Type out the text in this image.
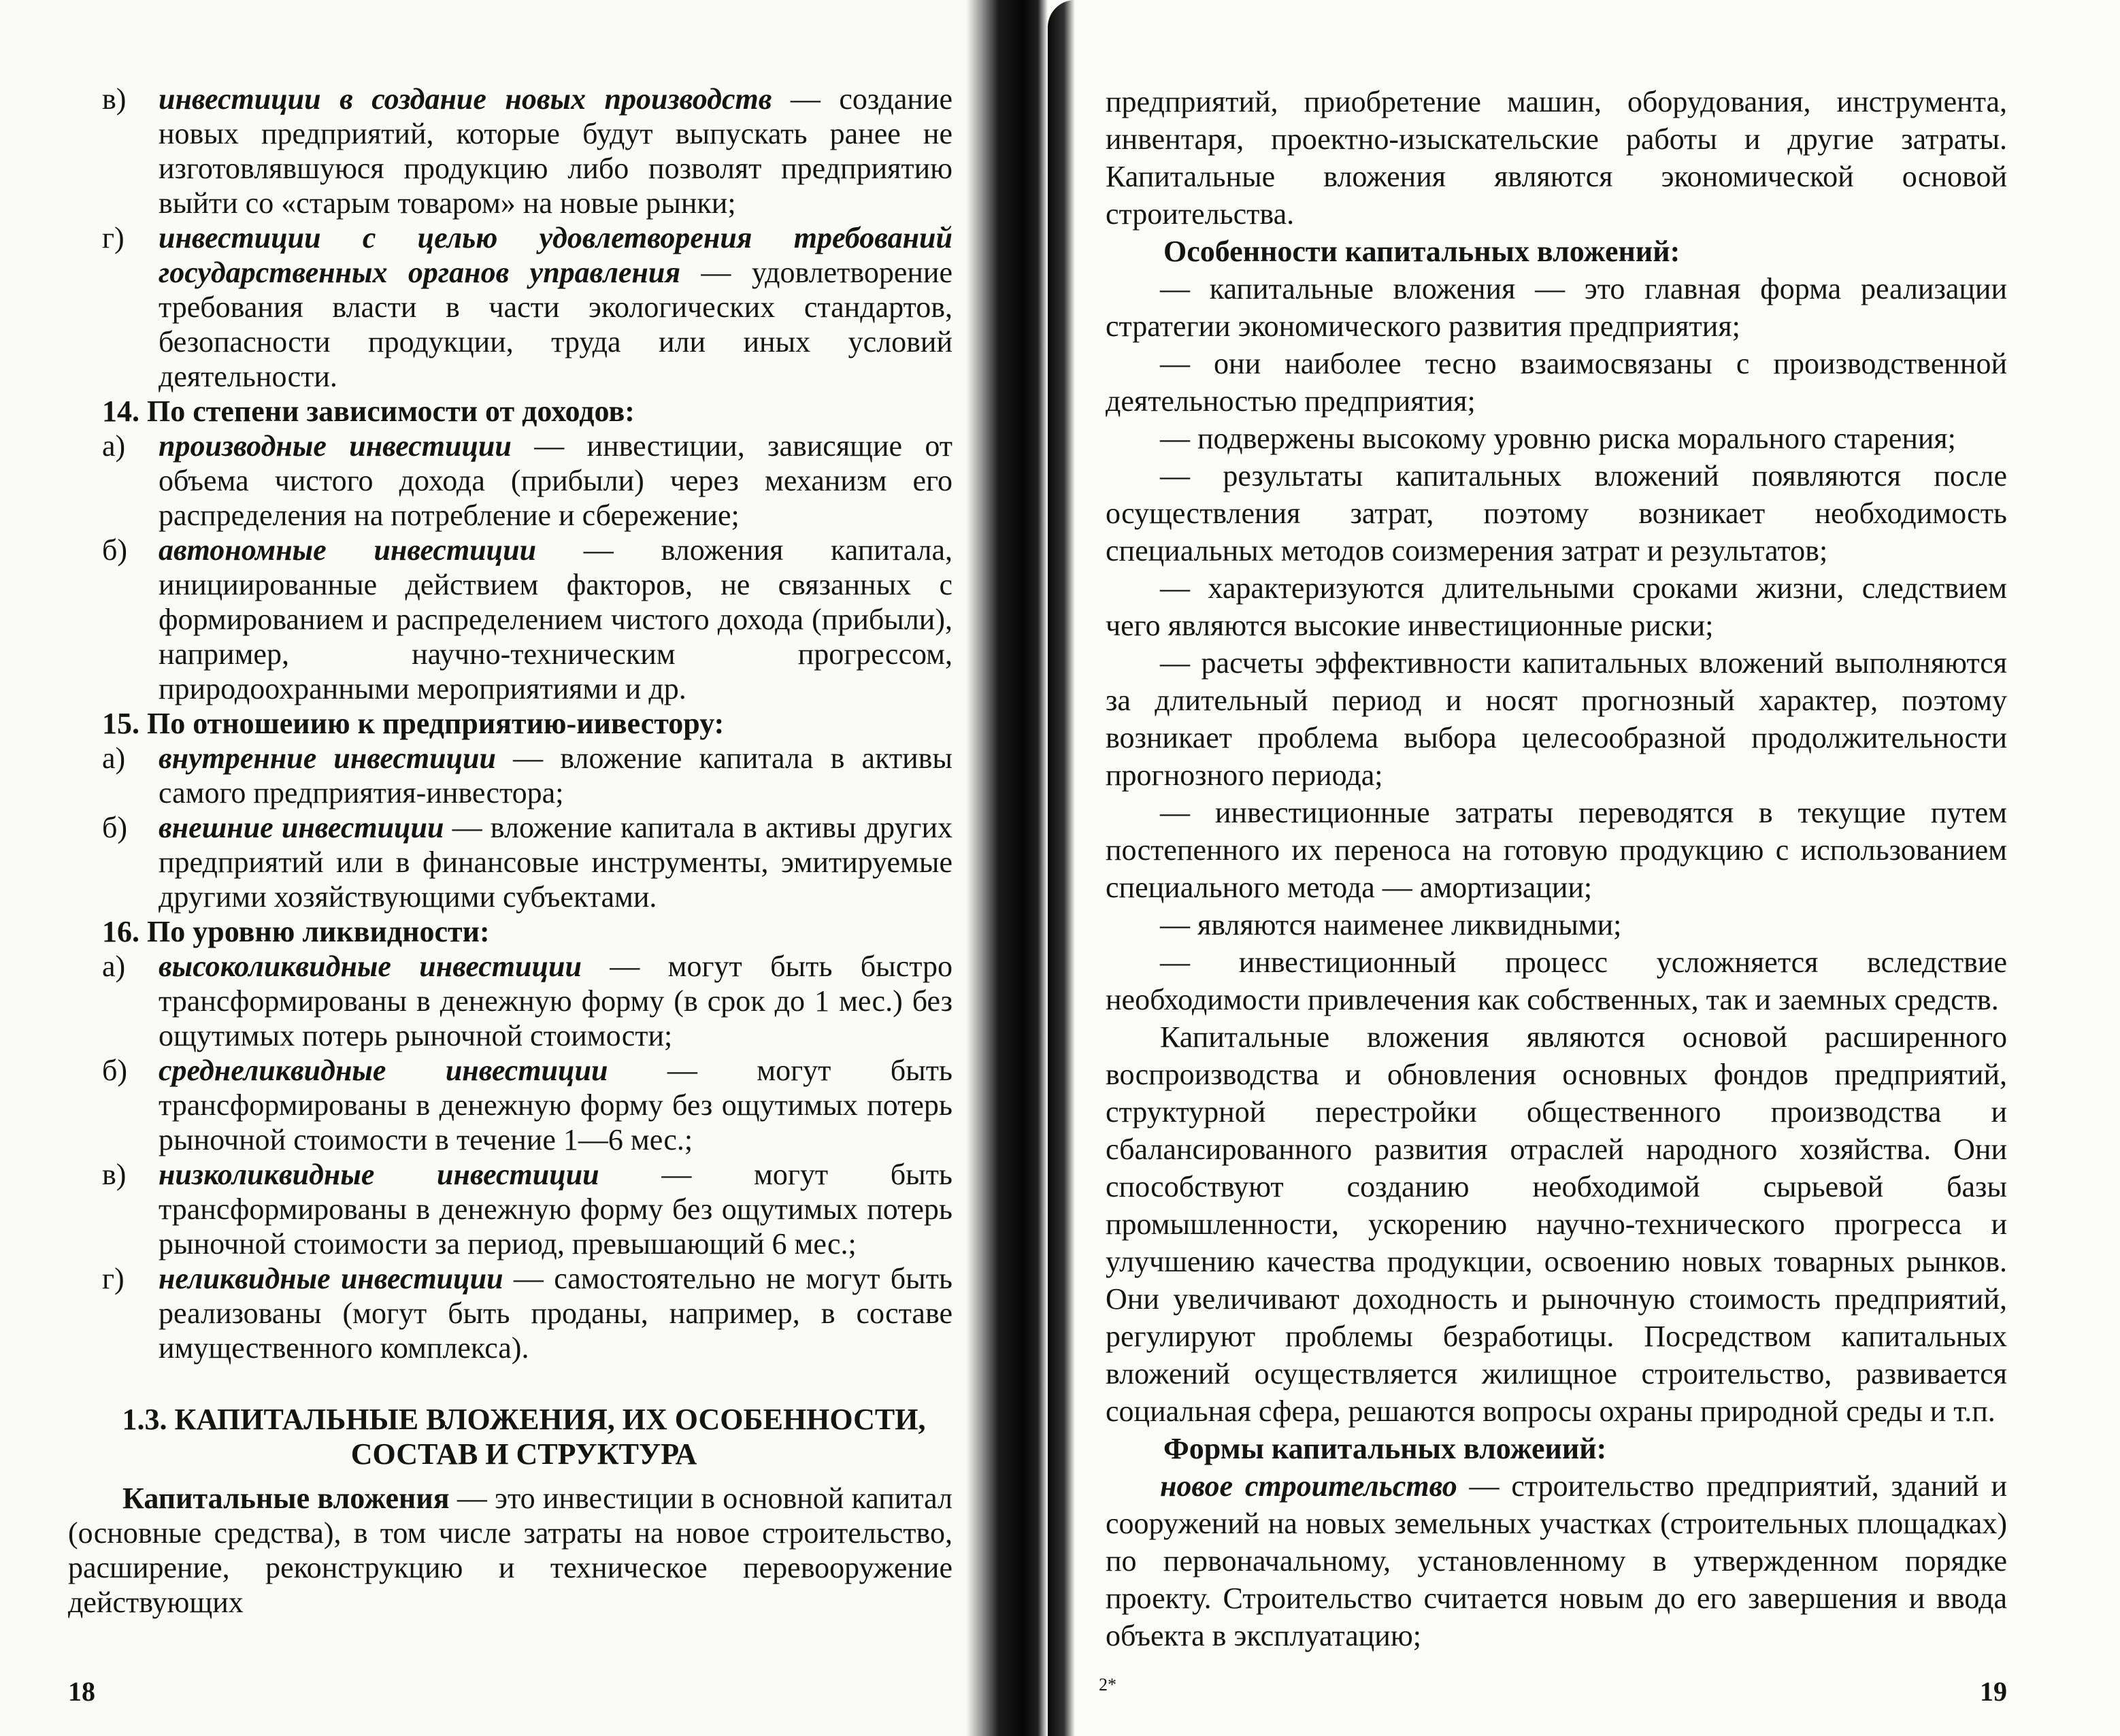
в) инвестиции в создание новых производств — создание новых предприятий, которые будут выпускать ранее не изготовлявшуюся продукцию либо позволят предприятию выйти со «старым товаром» на новые рынки;

г) инвестиции с целью удовлетворения требований государственных органов управления — удовлетворение требования власти в части экологических стандартов, безопасности продукции, труда или иных условий деятельности.

14. По степени зависимости от доходов:

а) производные инвестиции — инвестиции, зависящие от объема чистого дохода (прибыли) через механизм его распределения на потребление и сбережение;

б) автономные инвестиции — вложения капитала, инициированные действием факторов, не связанных с формированием и распределением чистого дохода (прибыли), например, научно-техническим прогрессом, природоохранными мероприятиями и др.

15. По отношеиию к предприятию-иивестору:

а) внутренние инвестиции — вложение капитала в активы самого предприятия-инвестора;

б) внешние инвестиции — вложение капитала в активы других предприятий или в финансовые инструменты, эмитируемые другими хозяйствующими субъектами.

16. По уровню ликвидности:

а) высоколиквидные инвестиции — могут быть быстро трансформированы в денежную форму (в срок до 1 мес.) без ощутимых потерь рыночной стоимости;

б) среднеликвидные инвестиции — могут быть трансформированы в денежную форму без ощутимых потерь рыночной стоимости в течение 1—6 мес.;

в) низколиквидные инвестиции — могут быть трансформированы в денежную форму без ощутимых потерь рыночной стоимости за период, превышающий 6 мес.;

г) неликвидные инвестиции — самостоятельно не могут быть реализованы (могут быть проданы, например, в составе имущественного комплекса).

1.3. КАПИТАЛЬНЫЕ ВЛОЖЕНИЯ, ИХ ОСОБЕННОСТИ,
СОСТАВ И СТРУКТУРА

Капитальные вложения — это инвестиции в основной капитал (основные средства), в том числе затраты на новое строительство, расширение, реконструкцию и техническое перевооружение действующих

18

предприятий, приобретение машин, оборудования, инструмента, инвентаря, проектно-изыскательские работы и другие затраты. Капитальные вложения являются экономической основой строительства.

Особенности капитальных вложений:

— капитальные вложения — это главная форма реализации стратегии экономического развития предприятия;

— они наиболее тесно взаимосвязаны с производственной деятельностью предприятия;

— подвержены высокому уровню риска морального старения;

— результаты капитальных вложений появляются после осуществления затрат, поэтому возникает необходимость специальных методов соизмерения затрат и результатов;

— характеризуются длительными сроками жизни, следствием чего являются высокие инвестиционные риски;

— расчеты эффективности капитальных вложений выполняются за длительный период и носят прогнозный характер, поэтому возникает проблема выбора целесообразной продолжительности прогнозного периода;

— инвестиционные затраты переводятся в текущие путем постепенного их переноса на готовую продукцию с использованием специального метода — амортизации;

— являются наименее ликвидными;

— инвестиционный процесс усложняется вследствие необходимости привлечения как собственных, так и заемных средств.

Капитальные вложения являются основой расширенного воспроизводства и обновления основных фондов предприятий, структурной перестройки общественного производства и сбалансированного развития отраслей народного хозяйства. Они способствуют созданию необходимой сырьевой базы промышленности, ускорению научно-технического прогресса и улучшению качества продукции, освоению новых товарных рынков. Они увеличивают доходность и рыночную стоимость предприятий, регулируют проблемы безработицы. Посредством капитальных вложений осуществляется жилищное строительство, развивается социальная сфера, решаются вопросы охраны природной среды и т.п.

Формы капитальных вложеиий:

новое строительство — строительство предприятий, зданий и сооружений на новых земельных участках (строительных площадках) по первоначальному, установленному в утвержденном порядке проекту. Строительство считается новым до его завершения и ввода объекта в эксплуатацию;

2*	19
